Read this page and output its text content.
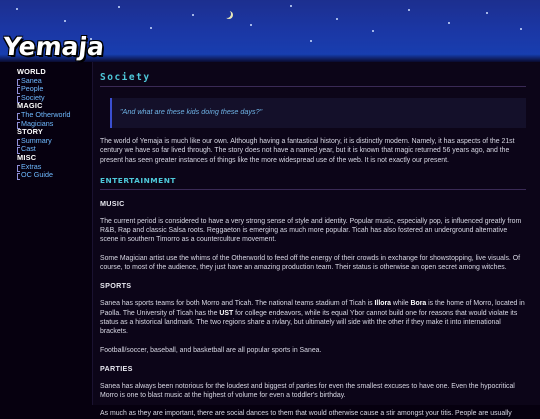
Yemaja
WORLD
Sanea
People
Society
MAGIC
The Otherworld
Magicians
STORY
Summary
Cast
MISC
Extras
OC Guide
Society
"And what are these kids doing these days?"

The world of Yemaja is much like our own. Although having a fantastical history, it is distinctly modern. Namely, it has aspects of the 21st century we have so far lived through. The story does not have a named year, but it is known that magic returned 56 years ago, and the present has seen greater instances of things like the more widespread use of the web. It is not exactly our present.

ENTERTAINMENT
MUSIC

The current period is considered to have a very strong sense of style and identity. Popular music, especially pop, is influenced greatly from R&B, Rap and classic Salsa roots. Reggaeton is emerging as much more popular. Ticah has also fostered an underground alternative scene in southern Timorro as a counterculture movement.

Some Magician artist use the whims of the Otherworld to feed off the energy of their crowds in exchange for showstopping, live visuals. Of course, to most of the audience, they just have an amazing production team. Their status is otherwise an open secret among witches.

SPORTS

Sanea has sports teams for both Morro and Ticah. The national teams stadium of Ticah is Illora while Bora is the home of Morro, located in Paolla. The University of Ticah has the UST for college endeavors, while its equal Ybor cannot build one for reasons that would violate its status as a historical landmark. The two regions share a rivlary, but ultimately will side with the other if they make it into international brackets.

Football/soccer, baseball, and basketball are all popular sports in Sanea.

PARTIES

Sanea has always been notorious for the loudest and biggest of parties for even the smallest excuses to have one. Even the hypocritical Morro is one to blast music at the highest of volume for even a toddler's birthday.

As much as they are important, there are social dances to them that would otherwise cause a stir amongst your titis. People are usually
